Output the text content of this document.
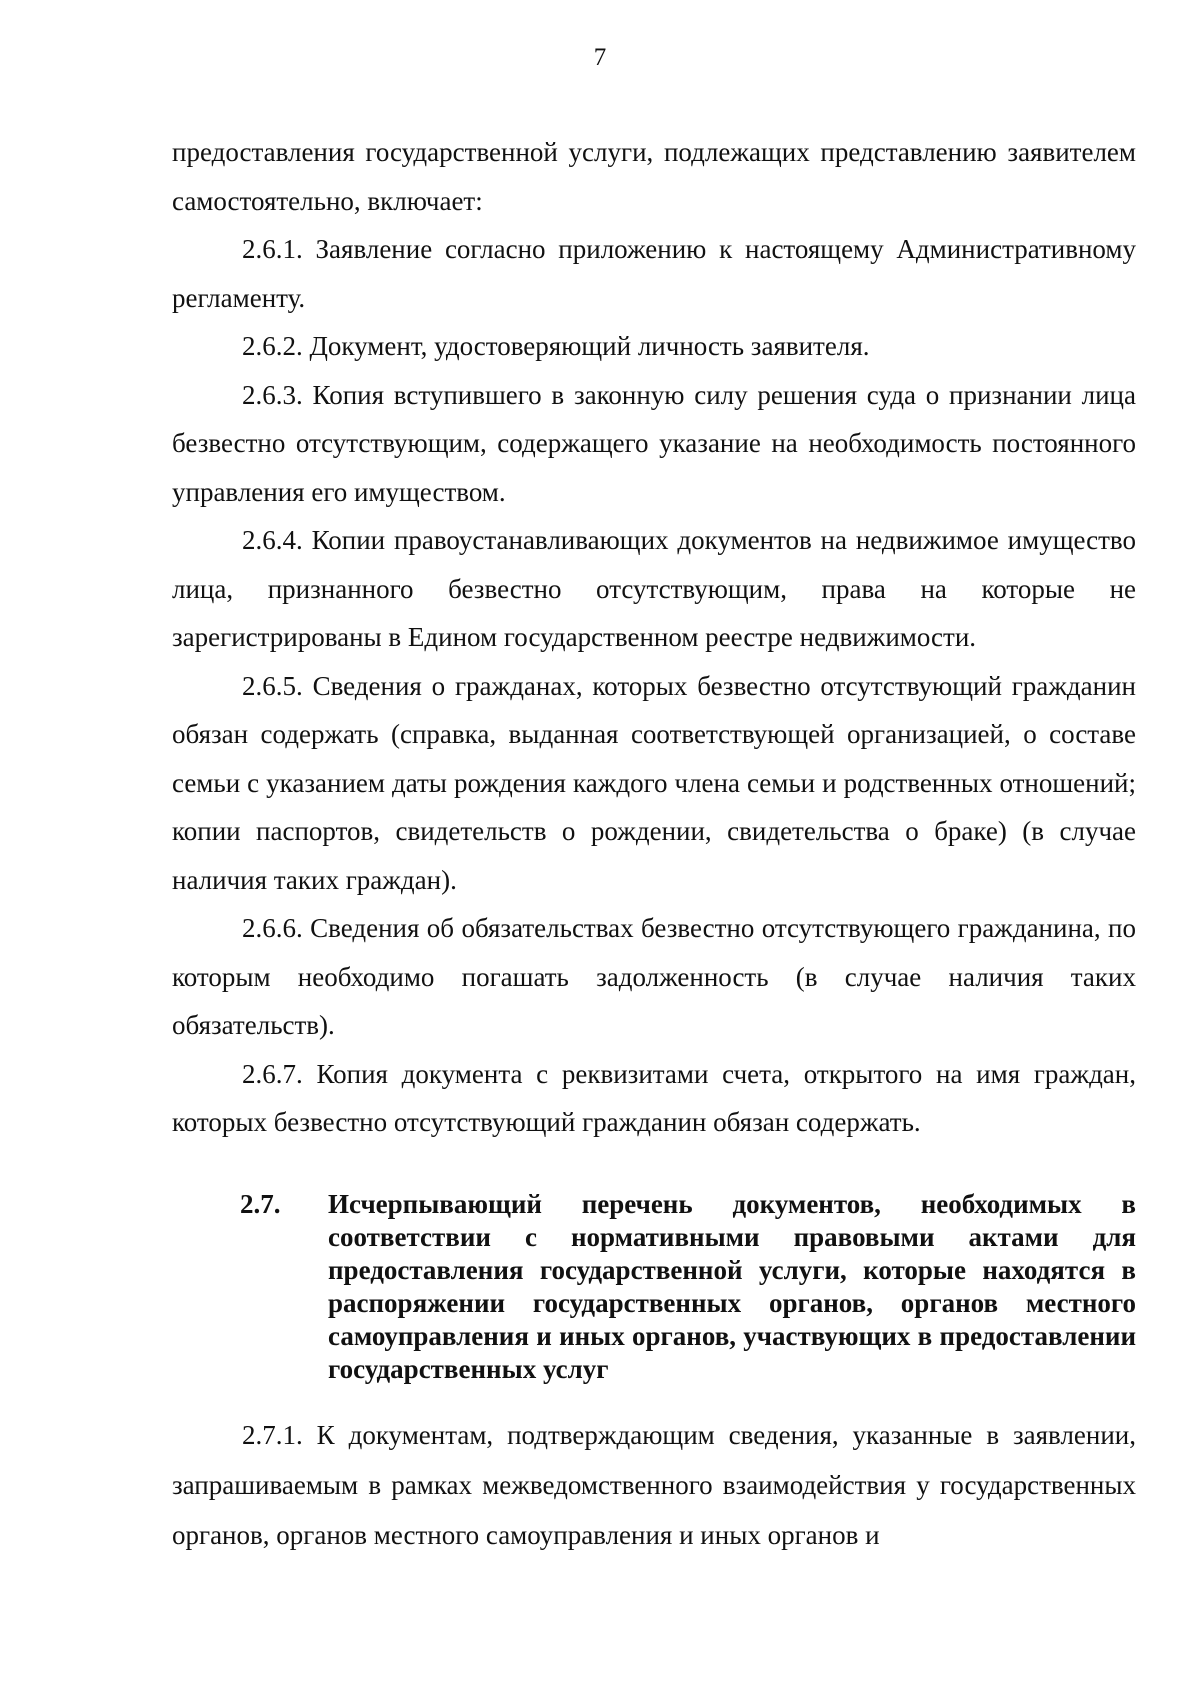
7

предоставления государственной услуги, подлежащих представлению заявителем самостоятельно, включает:

2.6.1. Заявление согласно приложению к настоящему Административному регламенту.

2.6.2. Документ, удостоверяющий личность заявителя.

2.6.3. Копия вступившего в законную силу решения суда о признании лица безвестно отсутствующим, содержащего указание на необходимость постоянного управления его имуществом.

2.6.4. Копии правоустанавливающих документов на недвижимое имущество лица, признанного безвестно отсутствующим, права на которые не зарегистрированы в Едином государственном реестре недвижимости.

2.6.5. Сведения о гражданах, которых безвестно отсутствующий гражданин обязан содержать (справка, выданная соответствующей организацией, о составе семьи с указанием даты рождения каждого члена семьи и родственных отношений; копии паспортов, свидетельств о рождении, свидетельства о браке) (в случае наличия таких граждан).

2.6.6. Сведения об обязательствах безвестно отсутствующего гражданина, по которым необходимо погашать задолженность (в случае наличия таких обязательств).

2.6.7. Копия документа с реквизитами счета, открытого на имя граждан, которых безвестно отсутствующий гражданин обязан содержать.

2.7. Исчерпывающий перечень документов, необходимых в соответствии с нормативными правовыми актами для предоставления государственной услуги, которые находятся в распоряжении государственных органов, органов местного самоуправления и иных органов, участвующих в предоставлении государственных услуг

2.7.1. К документам, подтверждающим сведения, указанные в заявлении, запрашиваемым в рамках межведомственного взаимодействия у государственных органов, органов местного самоуправления и иных органов и
